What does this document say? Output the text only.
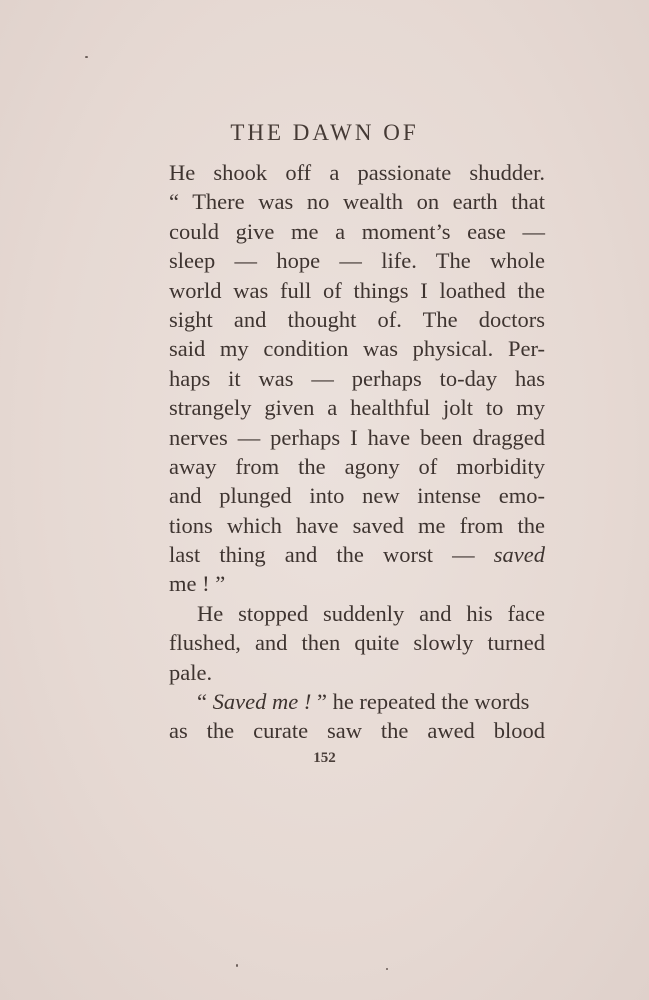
THE DAWN OF
He shook off a passionate shudder.
“ There was no wealth on earth that
could give me a moment’s ease —
sleep — hope — life. The whole
world was full of things I loathed the
sight and thought of. The doctors
said my condition was physical. Per-
haps it was — perhaps to-day has
strangely given a healthful jolt to my
nerves — perhaps I have been dragged
away from the agony of morbidity
and plunged into new intense emo-
tions which have saved me from the
last thing and the worst — saved
me ! ”
He stopped suddenly and his face
flushed, and then quite slowly turned
pale.
“ Saved me ! ” he repeated the words
as the curate saw the awed blood
152
